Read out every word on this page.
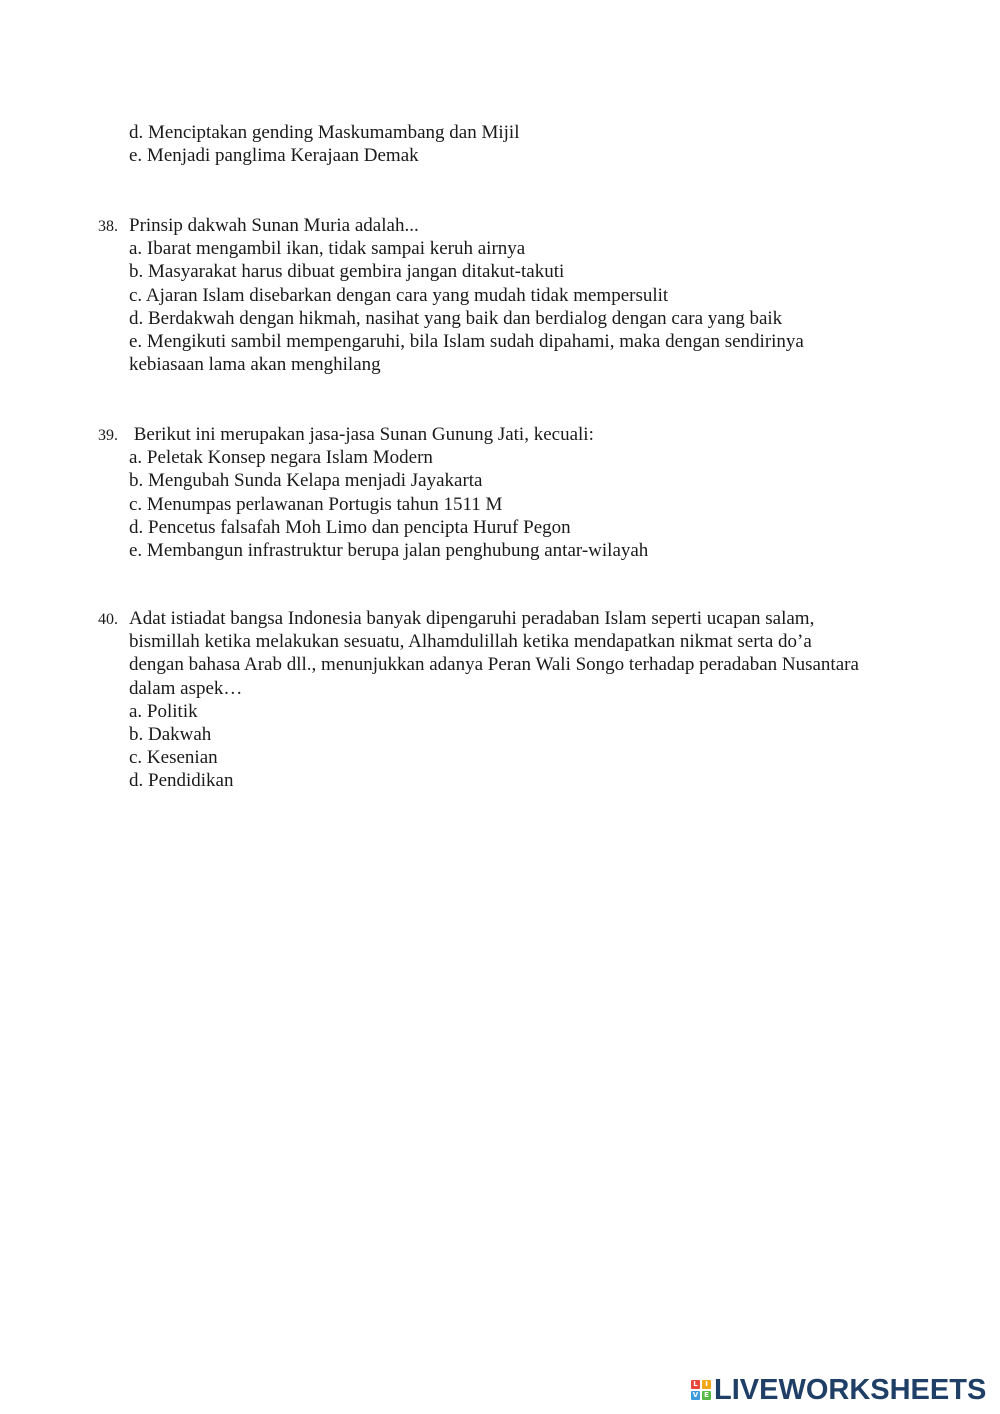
d. Menciptakan gending Maskumambang dan Mijil
e. Menjadi panglima Kerajaan Demak
38. Prinsip dakwah Sunan Muria adalah...
a. Ibarat mengambil ikan, tidak sampai keruh airnya
b. Masyarakat harus dibuat gembira jangan ditakut-takuti
c. Ajaran Islam disebarkan dengan cara yang mudah tidak mempersulit
d. Berdakwah dengan hikmah, nasihat yang baik dan berdialog dengan cara yang baik
e. Mengikuti sambil mempengaruhi, bila Islam sudah dipahami, maka dengan sendirinya kebiasaan lama akan menghilang
39. Berikut ini merupakan jasa-jasa Sunan Gunung Jati, kecuali:
a. Peletak Konsep negara Islam Modern
b. Mengubah Sunda Kelapa menjadi Jayakarta
c. Menumpas perlawanan Portugis tahun 1511 M
d. Pencetus falsafah Moh Limo dan pencipta Huruf Pegon
e. Membangun infrastruktur berupa jalan penghubung antar-wilayah
40. Adat istiadat bangsa Indonesia banyak dipengaruhi peradaban Islam seperti ucapan salam, bismillah ketika melakukan sesuatu, Alhamdulillah ketika mendapatkan nikmat serta do’a dengan bahasa Arab dll., menunjukkan adanya Peran Wali Songo terhadap peradaban Nusantara dalam aspek…
a. Politik
b. Dakwah
c. Kesenian
d. Pendidikan
L	I
V E LIVEWORKSHEETS
